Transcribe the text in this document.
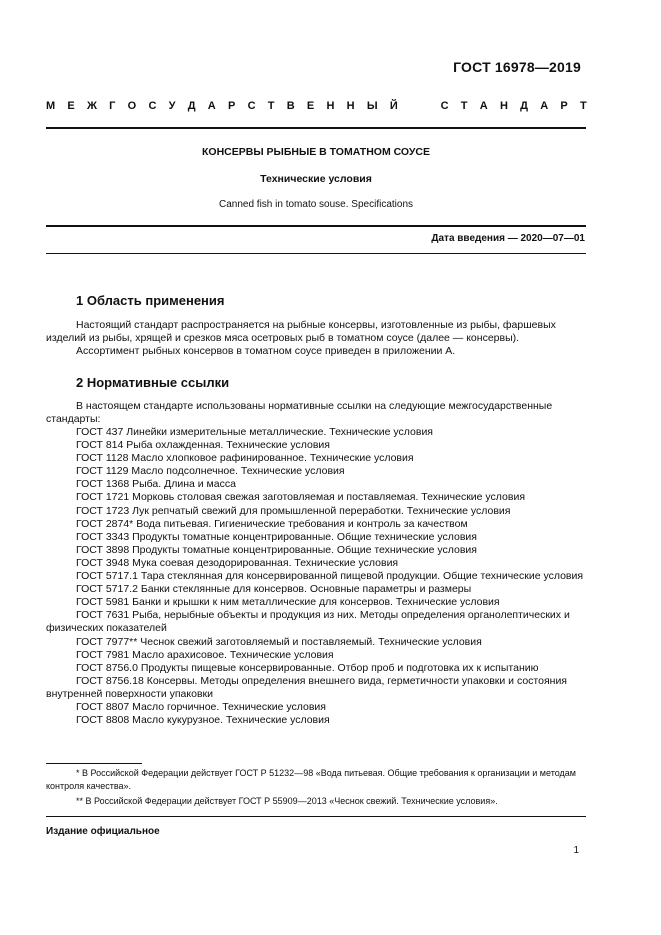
ГОСТ 16978—2019
М Е Ж Г О С У Д А Р С Т В Е Н Н Ы Й

	С Т А Н Д А Р Т
КОНСЕРВЫ РЫБНЫЕ В ТОМАТНОМ СОУСЕ
Технические условия
Canned fish in tomato souse. Specifications
Дата введения — 2020—07—01
1 Область применения
Настоящий стандарт распространяется на рыбные консервы, изготовленные из рыбы, фаршевых изделий из рыбы, хрящей и срезков мяса осетровых рыб в томатном соусе (далее — консервы).
Ассортимент рыбных консервов в томатном соусе приведен в приложении А.
2 Нормативные ссылки
В настоящем стандарте использованы нормативные ссылки на следующие межгосударственные стандарты:
ГОСТ 437 Линейки измерительные металлические. Технические условия
ГОСТ 814 Рыба охлажденная. Технические условия
ГОСТ 1128 Масло хлопковое рафинированное. Технические условия
ГОСТ 1129 Масло подсолнечное. Технические условия
ГОСТ 1368 Рыба. Длина и масса
ГОСТ 1721 Морковь столовая свежая заготовляемая и поставляемая. Технические условия
ГОСТ 1723 Лук репчатый свежий для промышленной переработки. Технические условия
ГОСТ 2874* Вода питьевая. Гигиенические требования и контроль за качеством
ГОСТ 3343 Продукты томатные концентрированные. Общие технические условия
ГОСТ 3898 Продукты томатные концентрированные. Общие технические условия
ГОСТ 3948 Мука соевая дезодорированная. Технические условия
ГОСТ 5717.1 Тара стеклянная для консервированной пищевой продукции. Общие технические условия
ГОСТ 5717.2 Банки стеклянные для консервов. Основные параметры и размеры
ГОСТ 5981 Банки и крышки к ним металлические для консервов. Технические условия
ГОСТ 7631 Рыба, нерыбные объекты и продукция из них. Методы определения органолептических и физических показателей
ГОСТ 7977** Чеснок свежий заготовляемый и поставляемый. Технические условия
ГОСТ 7981 Масло арахисовое. Технические условия
ГОСТ 8756.0 Продукты пищевые консервированные. Отбор проб и подготовка их к испытанию
ГОСТ 8756.18 Консервы. Методы определения внешнего вида, герметичности упаковки и состояния внутренней поверхности упаковки
ГОСТ 8807 Масло горчичное. Технические условия
ГОСТ 8808 Масло кукурузное. Технические условия
* В Российской Федерации действует ГОСТ Р 51232—98 «Вода питьевая. Общие требования к организации и методам контроля качества».
** В Российской Федерации действует ГОСТ Р 55909—2013 «Чеснок свежий. Технические условия».
Издание официальное
1
